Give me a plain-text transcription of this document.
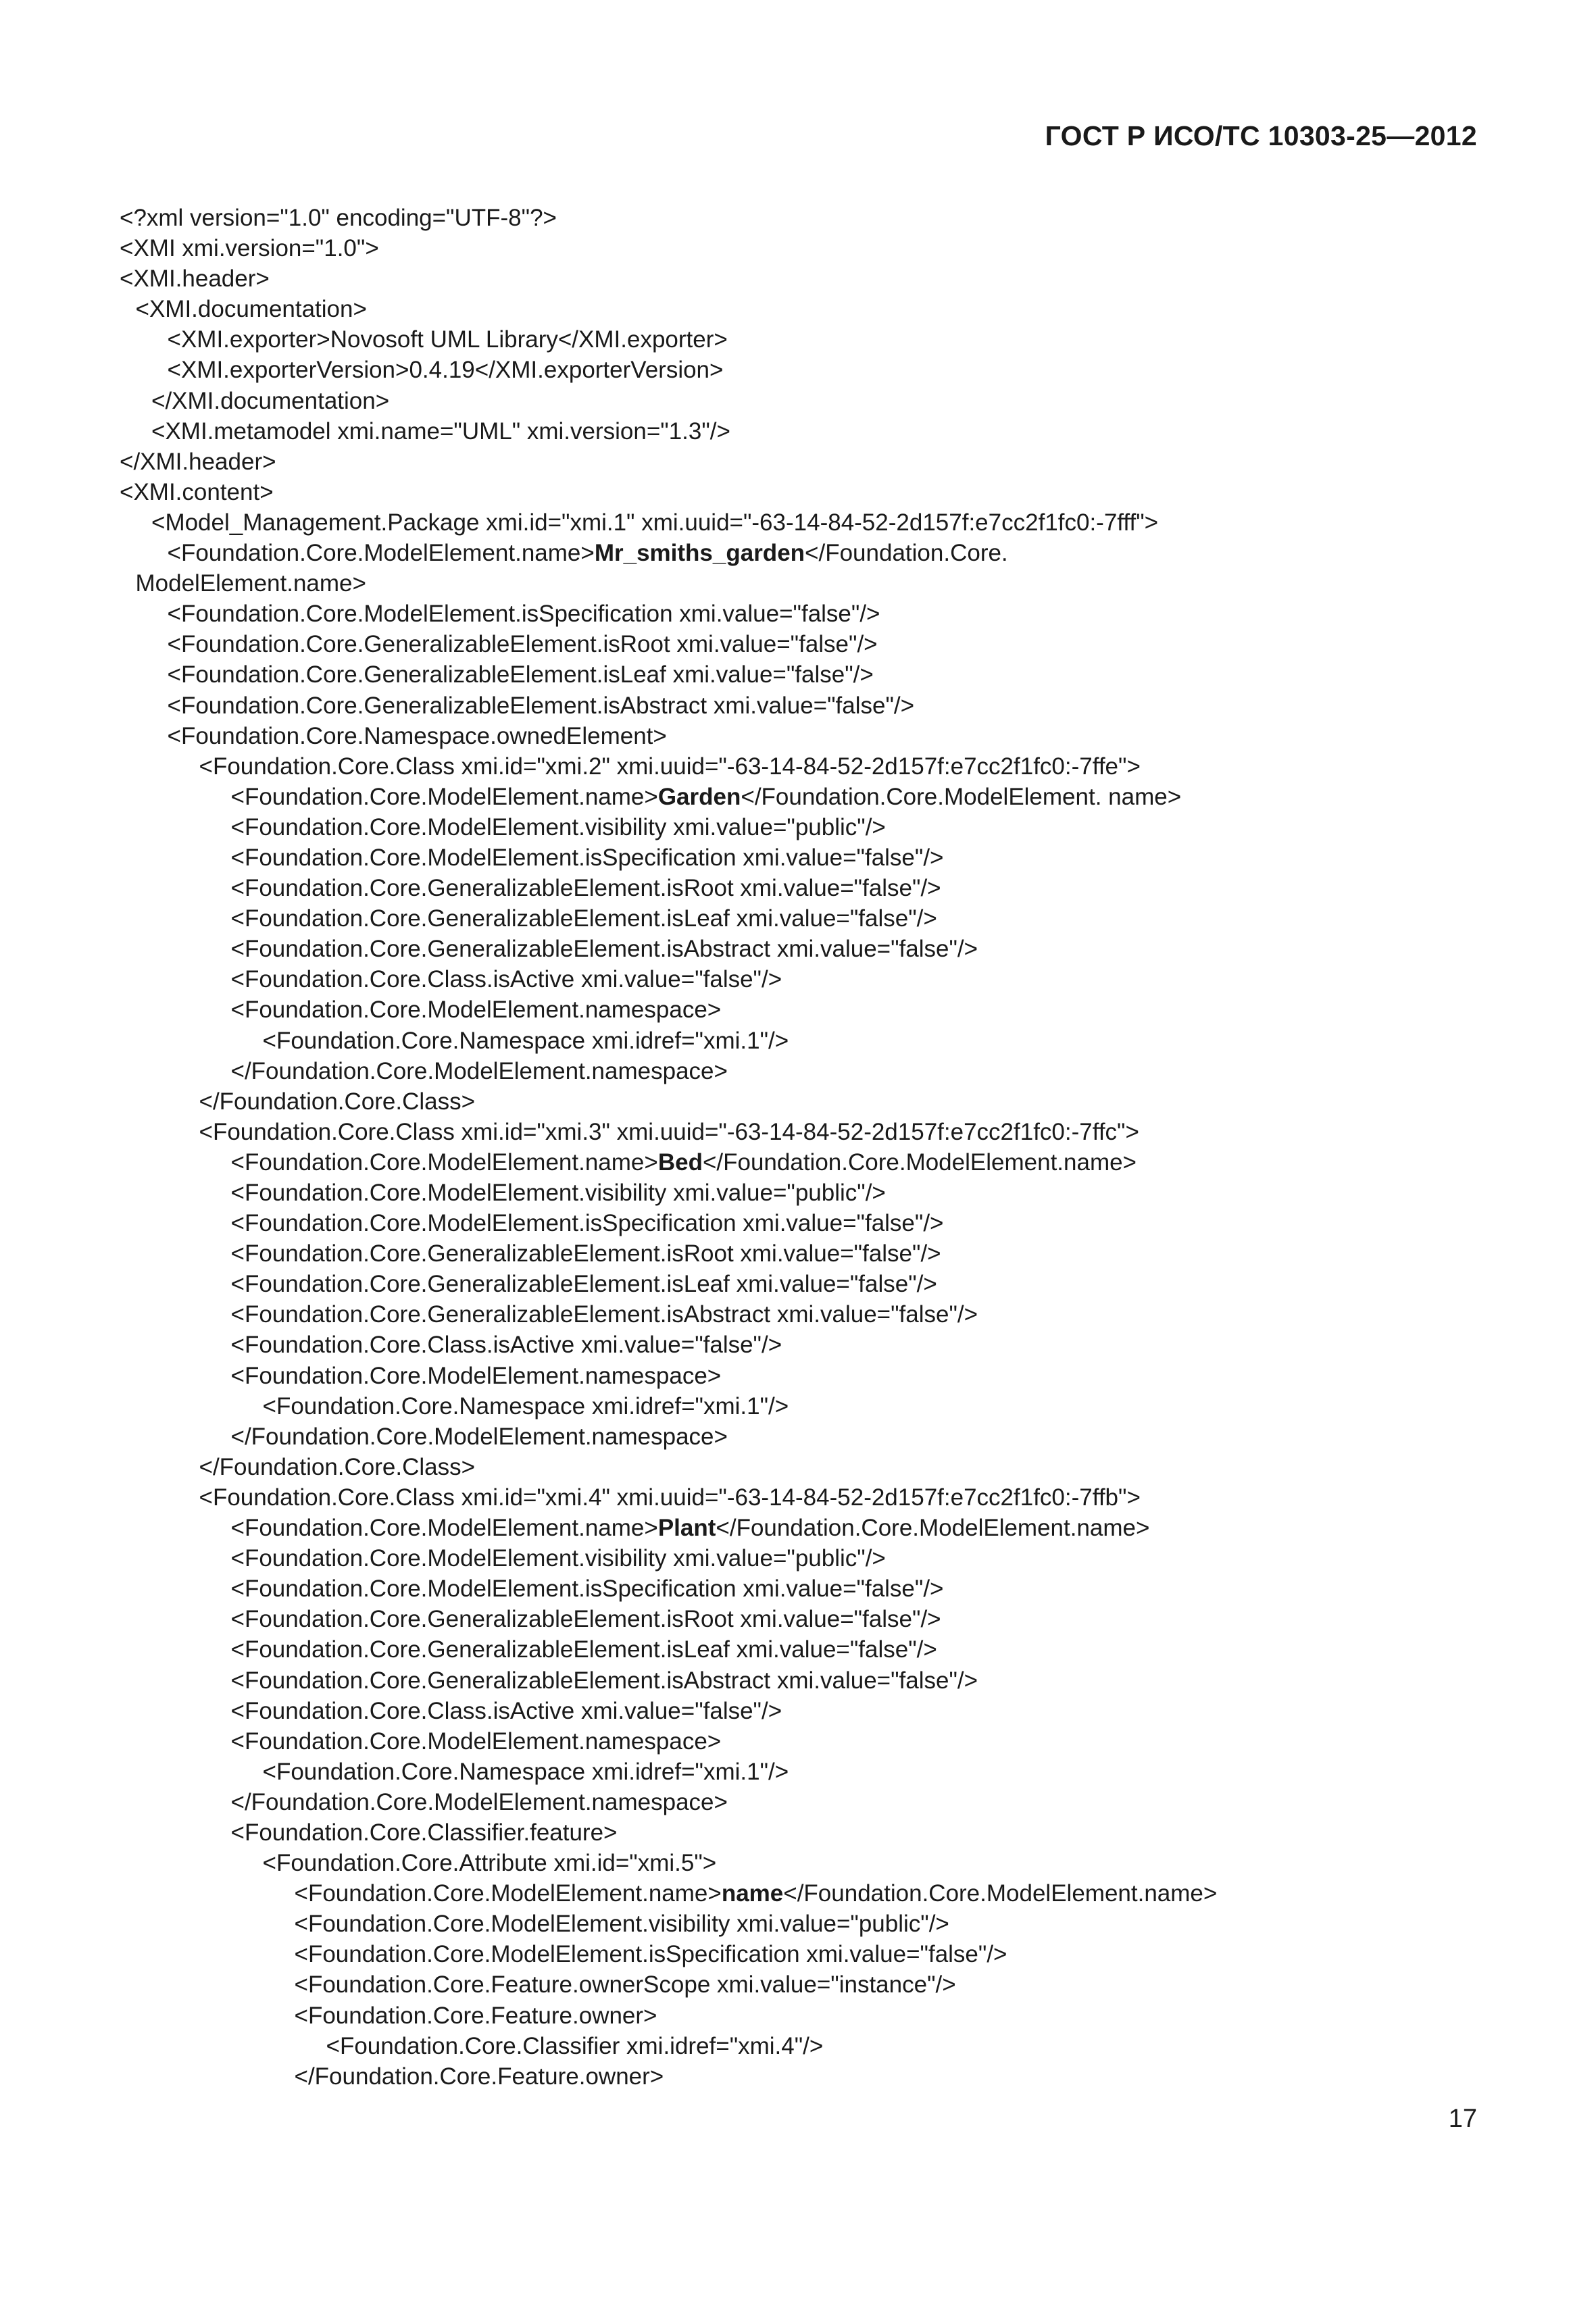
ГОСТ Р ИСО/ТС 10303-25—2012
<?xml version="1.0" encoding="UTF-8"?>
<XMI xmi.version="1.0">
<XMI.header>
<XMI.documentation>
<XMI.exporter>Novosoft UML Library</XMI.exporter>
<XMI.exporterVersion>0.4.19</XMI.exporterVersion>
</XMI.documentation>
<XMI.metamodel xmi.name="UML" xmi.version="1.3"/>
</XMI.header>
<XMI.content>
<Model_Management.Package xmi.id="xmi.1" xmi.uuid="-63-14-84-52-2d157f:e7cc2f1fc0:-7fff">
<Foundation.Core.ModelElement.name>Mr_smiths_garden</Foundation.Core.
ModelElement.name>
<Foundation.Core.ModelElement.isSpecification xmi.value="false"/>
<Foundation.Core.GeneralizableElement.isRoot xmi.value="false"/>
<Foundation.Core.GeneralizableElement.isLeaf xmi.value="false"/>
<Foundation.Core.GeneralizableElement.isAbstract xmi.value="false"/>
<Foundation.Core.Namespace.ownedElement>
<Foundation.Core.Class xmi.id="xmi.2" xmi.uuid="-63-14-84-52-2d157f:e7cc2f1fc0:-7ffe">
<Foundation.Core.ModelElement.name>Garden</Foundation.Core.ModelElement. name>
<Foundation.Core.ModelElement.visibility xmi.value="public"/>
<Foundation.Core.ModelElement.isSpecification xmi.value="false"/>
<Foundation.Core.GeneralizableElement.isRoot xmi.value="false"/>
<Foundation.Core.GeneralizableElement.isLeaf xmi.value="false"/>
<Foundation.Core.GeneralizableElement.isAbstract xmi.value="false"/>
<Foundation.Core.Class.isActive xmi.value="false"/>
<Foundation.Core.ModelElement.namespace>
<Foundation.Core.Namespace xmi.idref="xmi.1"/>
</Foundation.Core.ModelElement.namespace>
</Foundation.Core.Class>
<Foundation.Core.Class xmi.id="xmi.3" xmi.uuid="-63-14-84-52-2d157f:e7cc2f1fc0:-7ffc">
<Foundation.Core.ModelElement.name>Bed</Foundation.Core.ModelElement.name>
<Foundation.Core.ModelElement.visibility xmi.value="public"/>
<Foundation.Core.ModelElement.isSpecification xmi.value="false"/>
<Foundation.Core.GeneralizableElement.isRoot xmi.value="false"/>
<Foundation.Core.GeneralizableElement.isLeaf xmi.value="false"/>
<Foundation.Core.GeneralizableElement.isAbstract xmi.value="false"/>
<Foundation.Core.Class.isActive xmi.value="false"/>
<Foundation.Core.ModelElement.namespace>
<Foundation.Core.Namespace xmi.idref="xmi.1"/>
</Foundation.Core.ModelElement.namespace>
</Foundation.Core.Class>
<Foundation.Core.Class xmi.id="xmi.4" xmi.uuid="-63-14-84-52-2d157f:e7cc2f1fc0:-7ffb">
<Foundation.Core.ModelElement.name>Plant</Foundation.Core.ModelElement.name>
<Foundation.Core.ModelElement.visibility xmi.value="public"/>
<Foundation.Core.ModelElement.isSpecification xmi.value="false"/>
<Foundation.Core.GeneralizableElement.isRoot xmi.value="false"/>
<Foundation.Core.GeneralizableElement.isLeaf xmi.value="false"/>
<Foundation.Core.GeneralizableElement.isAbstract xmi.value="false"/>
<Foundation.Core.Class.isActive xmi.value="false"/>
<Foundation.Core.ModelElement.namespace>
<Foundation.Core.Namespace xmi.idref="xmi.1"/>
</Foundation.Core.ModelElement.namespace>
<Foundation.Core.Classifier.feature>
<Foundation.Core.Attribute xmi.id="xmi.5">
<Foundation.Core.ModelElement.name>name</Foundation.Core.ModelElement.name>
<Foundation.Core.ModelElement.visibility xmi.value="public"/>
<Foundation.Core.ModelElement.isSpecification xmi.value="false"/>
<Foundation.Core.Feature.ownerScope xmi.value="instance"/>
<Foundation.Core.Feature.owner>
<Foundation.Core.Classifier xmi.idref="xmi.4"/>
</Foundation.Core.Feature.owner>
17
